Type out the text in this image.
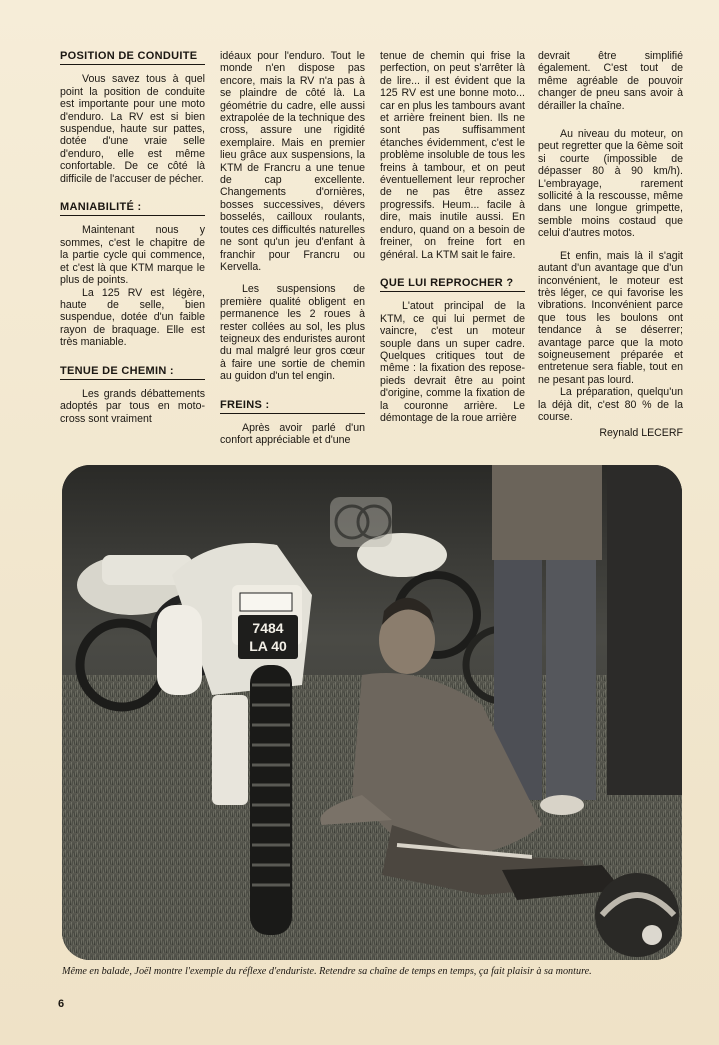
POSITION DE CONDUITE

Vous savez tous à quel point la position de conduite est importante pour une moto d'enduro. La RV est si bien suspendue, haute sur pattes, dotée d'une vraie selle d'enduro, elle est même confortable. De ce côté là difficile de l'accuser de pécher.

MANIABILITÉ :

Maintenant nous y sommes, c'est le chapitre de la partie cycle qui commence, et c'est là que KTM marque le plus de points.

La 125 RV est légère, haute de selle, bien suspendue, dotée d'un faible rayon de braquage. Elle est très maniable.

TENUE DE CHEMIN :

Les grands débattements adoptés par tous en moto-cross sont vraiment

idéaux pour l'enduro. Tout le monde n'en dispose pas encore, mais la RV n'a pas à se plaindre de côté là. La géométrie du cadre, elle aussi extrapolée de la technique des cross, assure une rigidité exemplaire. Mais en premier lieu grâce aux suspensions, la KTM de Francru a une tenue de cap excellente. Changements d'ornières, bosses successives, dévers bosselés, cailloux roulants, toutes ces difficultés naturelles ne sont qu'un jeu d'enfant à franchir pour Francru ou Kervella.

Les suspensions de première qualité obligent en permanence les 2 roues à rester collées au sol, les plus teigneux des enduristes auront du mal malgré leur gros cœur à faire une sortie de chemin au guidon d'un tel engin.

FREINS :

Après avoir parlé d'un confort appréciable et d'une

tenue de chemin qui frise la perfection, on peut s'arrêter là de lire... il est évident que la 125 RV est une bonne moto... car en plus les tambours avant et arrière freinent bien. Ils ne sont pas suffisamment étanches évidemment, c'est le problème insoluble de tous les freins à tambour, et on peut éventuellement leur reprocher de ne pas être assez progressifs. Heum... facile à dire, mais inutile aussi. En enduro, quand on a besoin de freiner, on freine fort en général. La KTM sait le faire.

QUE LUI REPROCHER ?

L'atout principal de la KTM, ce qui lui permet de vaincre, c'est un moteur souple dans un super cadre. Quelques critiques tout de même : la fixation des repose-pieds devrait être au point d'origine, comme la fixation de la couronne arrière. Le démontage de la roue arrière

devrait être simplifié également. C'est tout de même agréable de pouvoir changer de pneu sans avoir à dérailler la chaîne.

Au niveau du moteur, on peut regretter que la 6ème soit si courte (impossible de dépasser 80 à 90 km/h). L'embrayage, rarement sollicité à la rescousse, même dans une longue grimpette, semble moins costaud que celui d'autres motos.

Et enfin, mais là il s'agit autant d'un avantage que d'un inconvénient, le moteur est très léger, ce qui favorise les vibrations. Inconvénient parce que tous les boulons ont tendance à se déserrer; avantage parce que la moto soigneusement préparée et entretenue sera fiable, tout en ne pesant pas lourd.

La préparation, quelqu'un la déjà dit, c'est 80 % de la course.

Reynald LECERF
7484
LA 40
Même en balade, Joël montre l'exemple du réflexe d'enduriste. Retendre sa chaîne de temps en temps, ça fait plaisir à sa monture.
6
